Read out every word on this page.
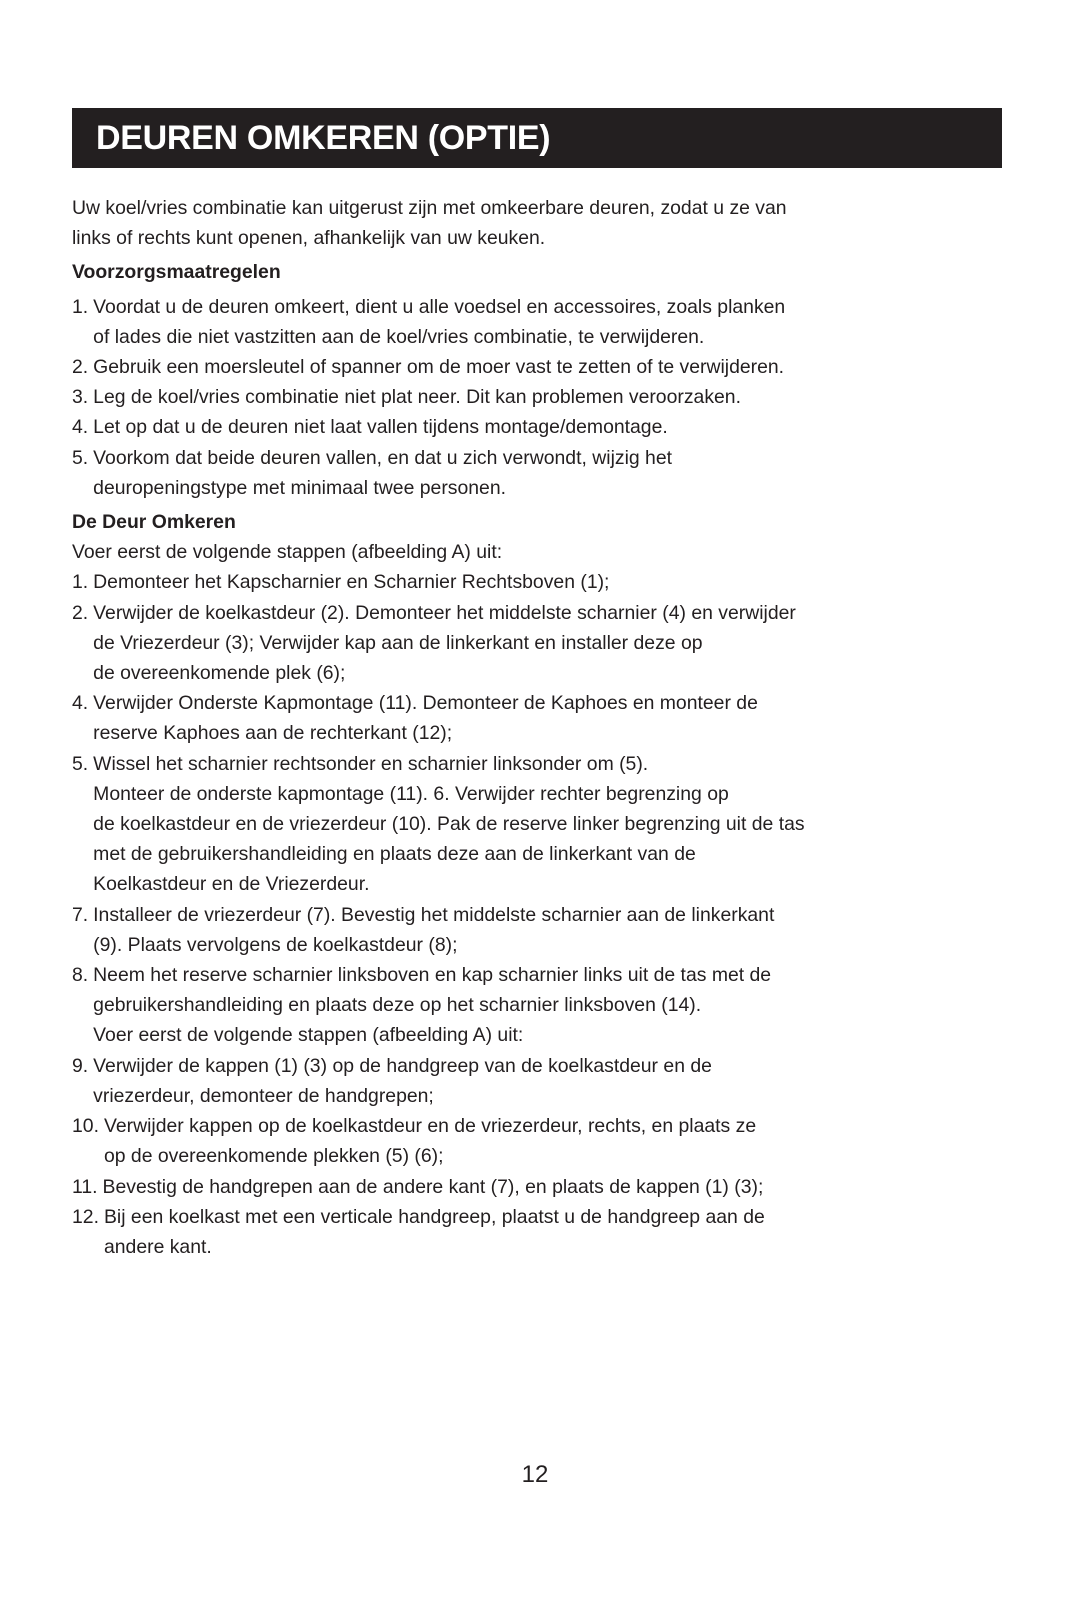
DEUREN OMKEREN (OPTIE)
Uw koel/vries combinatie kan uitgerust zijn met omkeerbare deuren, zodat u ze van
links of rechts kunt openen, afhankelijk van uw keuken.
Voorzorgsmaatregelen
1. Voordat u de deuren omkeert, dient u alle voedsel en accessoires, zoals planken
of lades die niet vastzitten aan de koel/vries combinatie, te verwijderen.
2. Gebruik een moersleutel of spanner om de moer vast te zetten of te verwijderen.
3. Leg de koel/vries combinatie niet plat neer. Dit kan problemen veroorzaken.
4. Let op dat u de deuren niet laat vallen tijdens montage/demontage.
5. Voorkom dat beide deuren vallen, en dat u zich verwondt, wijzig het
deuropeningstype met minimaal twee personen.
De Deur Omkeren
Voer eerst de volgende stappen (afbeelding A) uit:
1. Demonteer het Kapscharnier en Scharnier Rechtsboven (1);
2. Verwijder de koelkastdeur (2). Demonteer het middelste scharnier (4) en verwijder
de Vriezerdeur (3); Verwijder kap aan de linkerkant en installer deze op
de overeenkomende plek (6);
4. Verwijder Onderste Kapmontage (11). Demonteer de Kaphoes en monteer de
reserve Kaphoes aan de rechterkant (12);
5. Wissel het scharnier rechtsonder en scharnier linksonder om (5).
Monteer de onderste kapmontage (11). 6. Verwijder rechter begrenzing op
de koelkastdeur en de vriezerdeur (10). Pak de reserve linker begrenzing uit de tas
met de gebruikershandleiding en plaats deze aan de linkerkant van de
Koelkastdeur en de Vriezerdeur.
7. Installeer de vriezerdeur (7). Bevestig het middelste scharnier aan de linkerkant
(9). Plaats vervolgens de koelkastdeur (8);
8. Neem het reserve scharnier linksboven en kap scharnier links uit de tas met de
gebruikershandleiding en plaats deze op het scharnier linksboven (14).
Voer eerst de volgende stappen (afbeelding A) uit:
9. Verwijder de kappen (1) (3) op de handgreep van de koelkastdeur en de
vriezerdeur, demonteer de handgrepen;
10. Verwijder kappen op de koelkastdeur en de vriezerdeur, rechts, en plaats ze
op de overeenkomende plekken (5) (6);
11. Bevestig de handgrepen aan de andere kant (7), en plaats de kappen (1) (3);
12. Bij een koelkast met een verticale handgreep, plaatst u de handgreep aan de
andere kant.
12
